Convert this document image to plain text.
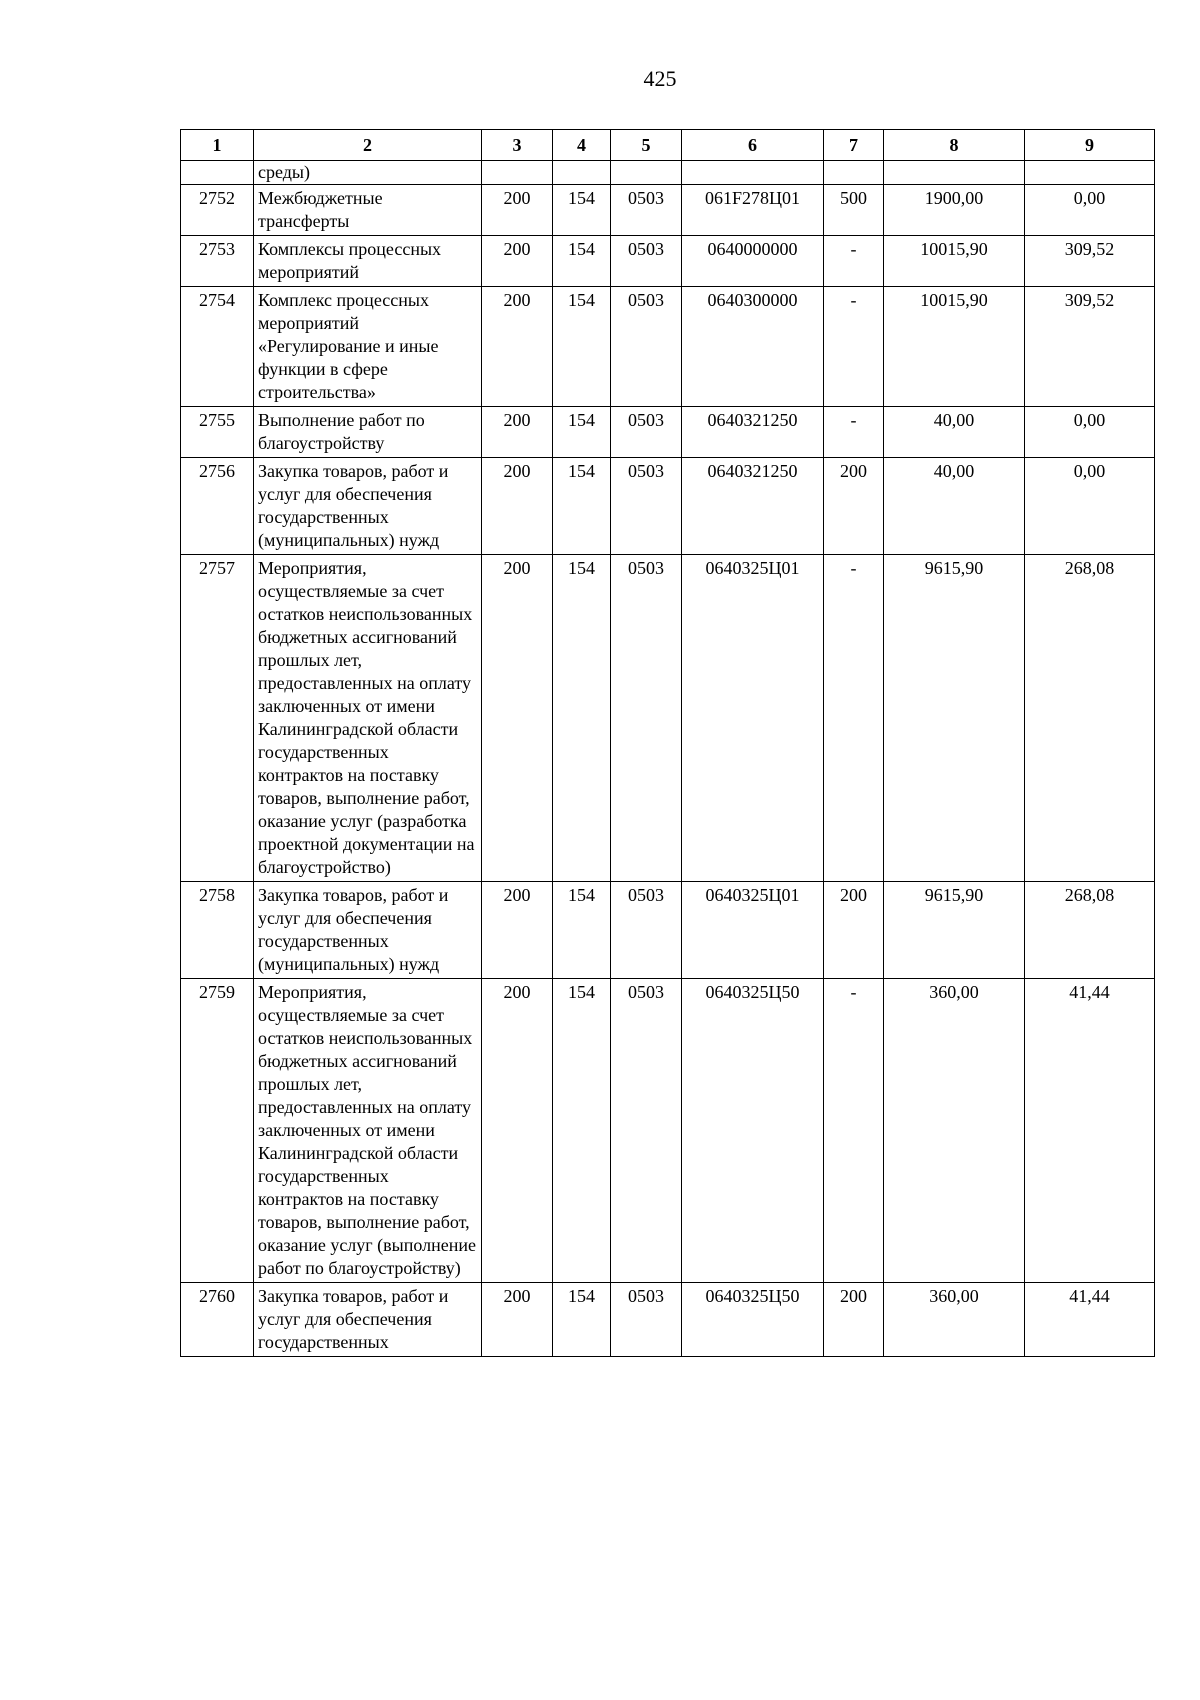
425
1	2	3	4	5	6	7	8	9
	среды)							
2752	Межбюджетные трансферты	200	154	0503	061F278Ц01	500	1900,00	0,00
2753	Комплексы процессных мероприятий	200	154	0503	0640000000	-	10015,90	309,52
2754	Комплекс процессных мероприятий «Регулирование и иные функции в сфере строительства»	200	154	0503	0640300000	-	10015,90	309,52
2755	Выполнение работ по благоустройству	200	154	0503	0640321250	-	40,00	0,00
2756	Закупка товаров, работ и услуг для обеспечения государственных (муниципальных) нужд	200	154	0503	0640321250	200	40,00	0,00
2757	Мероприятия, осуществляемые за счет остатков неиспользованных бюджетных ассигнований прошлых лет, предоставленных на оплату заключенных от имени Калининградской области государственных контрактов на поставку товаров, выполнение работ, оказание услуг (разработка проектной документации на благоустройство)	200	154	0503	0640325Ц01	-	9615,90	268,08
2758	Закупка товаров, работ и услуг для обеспечения государственных (муниципальных) нужд	200	154	0503	0640325Ц01	200	9615,90	268,08
2759	Мероприятия, осуществляемые за счет остатков неиспользованных бюджетных ассигнований прошлых лет, предоставленных на оплату заключенных от имени Калининградской области государственных контрактов на поставку товаров, выполнение работ, оказание услуг (выполнение работ по благоустройству)	200	154	0503	0640325Ц50	-	360,00	41,44
2760	Закупка товаров, работ и услуг для обеспечения государственных	200	154	0503	0640325Ц50	200	360,00	41,44
